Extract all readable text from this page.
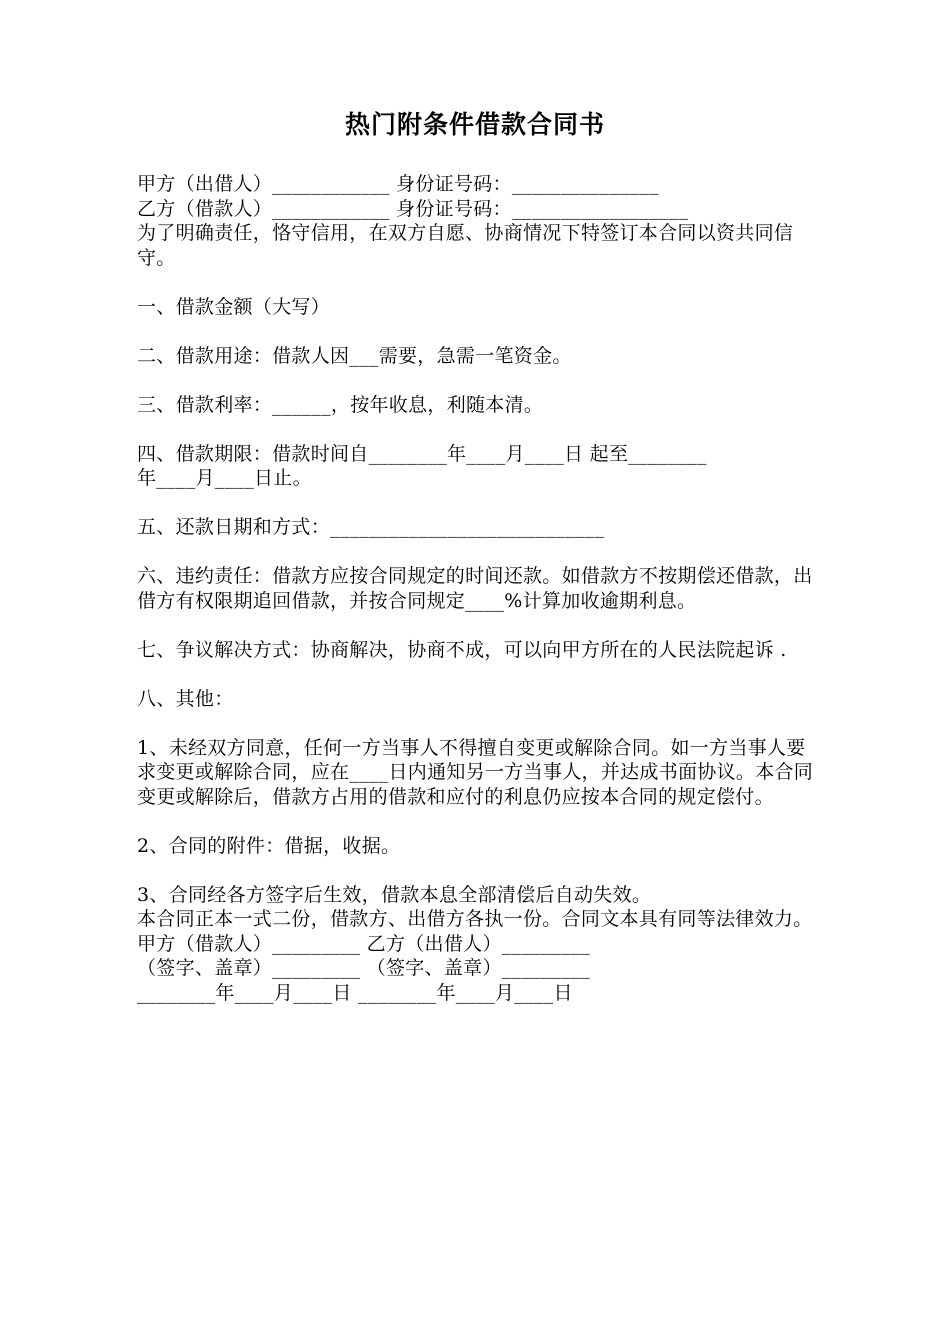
热门附条件借款合同书
甲方（出借人）____________ 身份证号码：_______________
乙方（借款人）____________ 身份证号码：__________________
为了明确责任，恪守信用，在双方自愿、协商情况下特签订本合同以资共同信守。
一、借款金额（大写）
二、借款用途：借款人因___需要，急需一笔资金。
三、借款利率：______，按年收息，利随本清。
四、借款期限：借款时间自________年____月____日 起至________
年____月____日止。
五、还款日期和方式：____________________________
六、违约责任：借款方应按合同规定的时间还款。如借款方不按期偿还借款，出借方有权限期追回借款，并按合同规定____%计算加收逾期利息。
七、争议解决方式：协商解决，协商不成，可以向甲方所在的人民法院起诉 .
八、其他：
1、未经双方同意，任何一方当事人不得擅自变更或解除合同。如一方当事人要求变更或解除合同，应在____日内通知另一方当事人，并达成书面协议。本合同变更或解除后，借款方占用的借款和应付的利息仍应按本合同的规定偿付。
2、合同的附件：借据，收据。
3、合同经各方签字后生效，借款本息全部清偿后自动失效。
本合同正本一式二份，借款方、出借方各执一份。合同文本具有同等法律效力。
甲方（借款人）_________ 乙方（出借人）_________
（签字、盖章）_________ （签字、盖章）_________
________年____月____日 ________年____月____日
